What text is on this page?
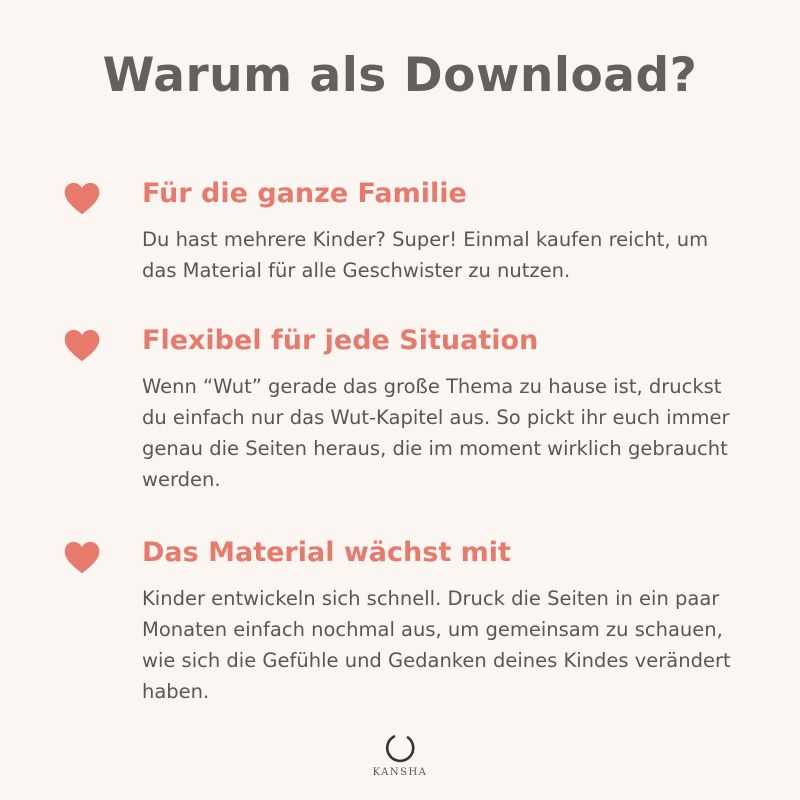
Warum als Download?
Für die ganze Familie
Du hast mehrere Kinder? Super! Einmal kaufen reicht, um das Material für alle Geschwister zu nutzen.
Flexibel für jede Situation
Wenn “Wut” gerade das große Thema zu hause ist, druckst du einfach nur das Wut-Kapitel aus. So pickt ihr euch immer genau die Seiten heraus, die im moment wirklich gebraucht werden.
Das Material wächst mit
Kinder entwickeln sich schnell. Druck die Seiten in ein paar Monaten einfach nochmal aus, um gemeinsam zu schauen, wie sich die Gefühle und Gedanken deines Kindes verändert haben.
KANSHA
